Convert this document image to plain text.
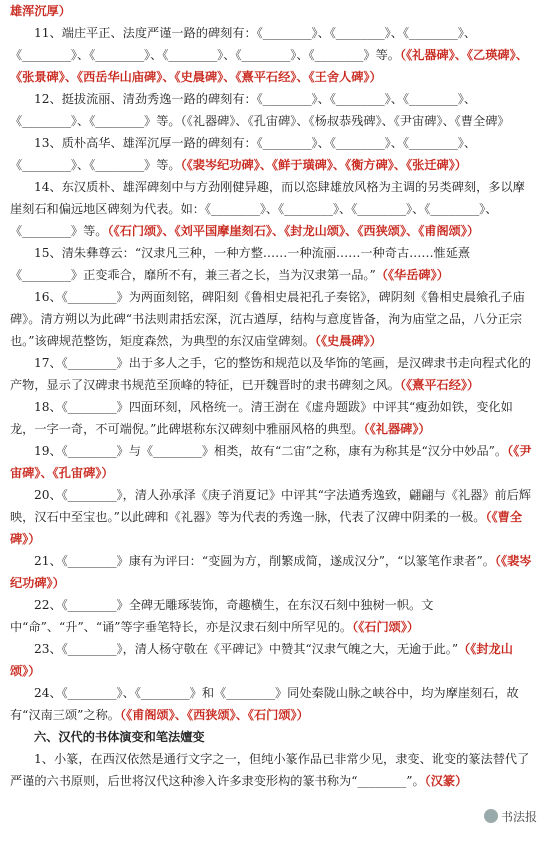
雄浑沉厚）

11、端庄平正、法度严谨一路的碑刻有：《________》、《________》、《________》、《________》、《________》、《________》、《________》、《________》等。（《礼器碑》、《乙瑛碑》、《张景碑》、《西岳华山庙碑》、《史晨碑》、《熹平石经》、《王舍人碑》）

12、挺拔流丽、清劲秀逸一路的碑刻有：《________》、《________》、《________》、《________》、《________》等。（《礼器碑》、《孔宙碑》、《杨叔恭残碑》、《尹宙碑》、《曹全碑》

13、质朴高华、雄浑沉厚一路的碑刻有：《________》、《________》、《________》、《________》、《________》等。（《裴岑纪功碑》、《鲜于璜碑》、《衡方碑》、《张迁碑》）

14、东汉质朴、雄浑碑刻中与方劲刚健异趣，而以恣肆雄放风格为主调的另类碑刻，多以摩崖刻石和偏远地区碑刻为代表。如：《________》、《________》、《________》、《________》、《________》等。（《石门颂》、《刘平国摩崖刻石》、《封龙山颂》、《西狭颂》、《甫阁颂》）

15、清朱彝尊云：“汉隶凡三种，一种方整……一种流丽……一种奇古……惟延熹《________》正变乖合，靡所不有，兼三者之长，当为汉隶第一品。”（《华岳碑》）

16、《________》为两面刻铭，碑阳刻《鲁相史晨祀孔子奏铭》，碑阴刻《鲁相史晨飨孔子庙碑》。清方朔以为此碑“书法则肃括宏深，沉古遒厚，结构与意度皆备，洵为庙堂之品，八分正宗也。”该碑规范整饬，矩度森然，为典型的东汉庙堂碑刻。（《史晨碑》）

17、《________》出于多人之手，它的整饬和规范以及华饰的笔画，是汉碑隶书走向程式化的产物，显示了汉碑隶书规范至顶峰的特征，已开魏晋时的隶书碑刻之风。（《熹平石经》）

18、《________》四面环刻，风格统一。清王澍在《虚舟题跋》中评其“瘦劲如铁，变化如龙，一字一奇，不可端倪。”此碑堪称东汉碑刻中雅丽风格的典型。（《礼器碑》）

19、《________》与《________》相类，故有“二宙”之称，康有为称其是“汉分中妙品”。（《尹宙碑》、《孔宙碑》）

20、《________》，清人孙承泽《庚子消夏记》中评其“字法遒秀逸致，翩翩与《礼器》前后辉映，汉石中至宝也。”以此碑和《礼器》等为代表的秀逸一脉，代表了汉碑中阴柔的一极。（《曹全碑》）

21、《________》康有为评曰：“变圆为方，削繁成简，遂成汉分”，“以篆笔作隶者”。（《裴岑纪功碑》）

22、《________》全碑无雕琢装饰，奇趣横生，在东汉石刻中独树一帜。文中“命”、“升”、“诵”等字垂笔特长，亦是汉隶石刻中所罕见的。（《石门颂》）

23、《________》，清人杨守敬在《平碑记》中赞其“汉隶气魄之大，无逾于此。”（《封龙山颂》）

24、《________》、《________》和《________》同处秦陇山脉之峡谷中，均为摩崖刻石，故有“汉南三颂”之称。（《甫阁颂》、《西狭颂》、《石门颂》）

六、汉代的书体演变和笔法嬗变

1、小篆，在西汉依然是通行文字之一，但纯小篆作品已非常少见，隶变、讹变的篆法替代了严谨的六书原则，后世将汉代这种渗入许多隶变形构的篆书称为“________”。（汉篆）

书法报
